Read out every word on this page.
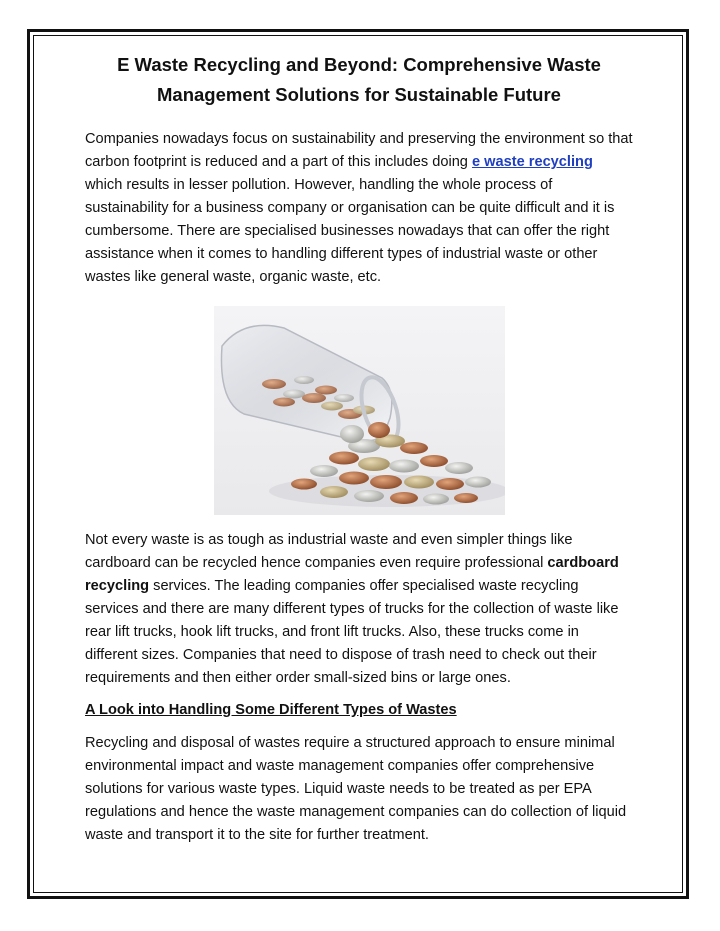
E Waste Recycling and Beyond: Comprehensive Waste
Management Solutions for Sustainable Future

Companies nowadays focus on sustainability and preserving the environment so that carbon footprint is reduced and a part of this includes doing e waste recycling which results in lesser pollution. However, handling the whole process of sustainability for a business company or organisation can be quite difficult and it is cumbersome. There are specialised businesses nowadays that can offer the right assistance when it comes to handling different types of industrial waste or other wastes like general waste, organic waste, etc.

Not every waste is as tough as industrial waste and even simpler things like cardboard can be recycled hence companies even require professional cardboard recycling services. The leading companies offer specialised waste recycling services and there are many different types of trucks for the collection of waste like rear lift trucks, hook lift trucks, and front lift trucks. Also, these trucks come in different sizes. Companies that need to dispose of trash need to check out their requirements and then either order small-sized bins or large ones.

A Look into Handling Some Different Types of Wastes

Recycling and disposal of wastes require a structured approach to ensure minimal environmental impact and waste management companies offer comprehensive solutions for various waste types. Liquid waste needs to be treated as per EPA regulations and hence the waste management companies can do collection of liquid waste and transport it to the site for further treatment.
